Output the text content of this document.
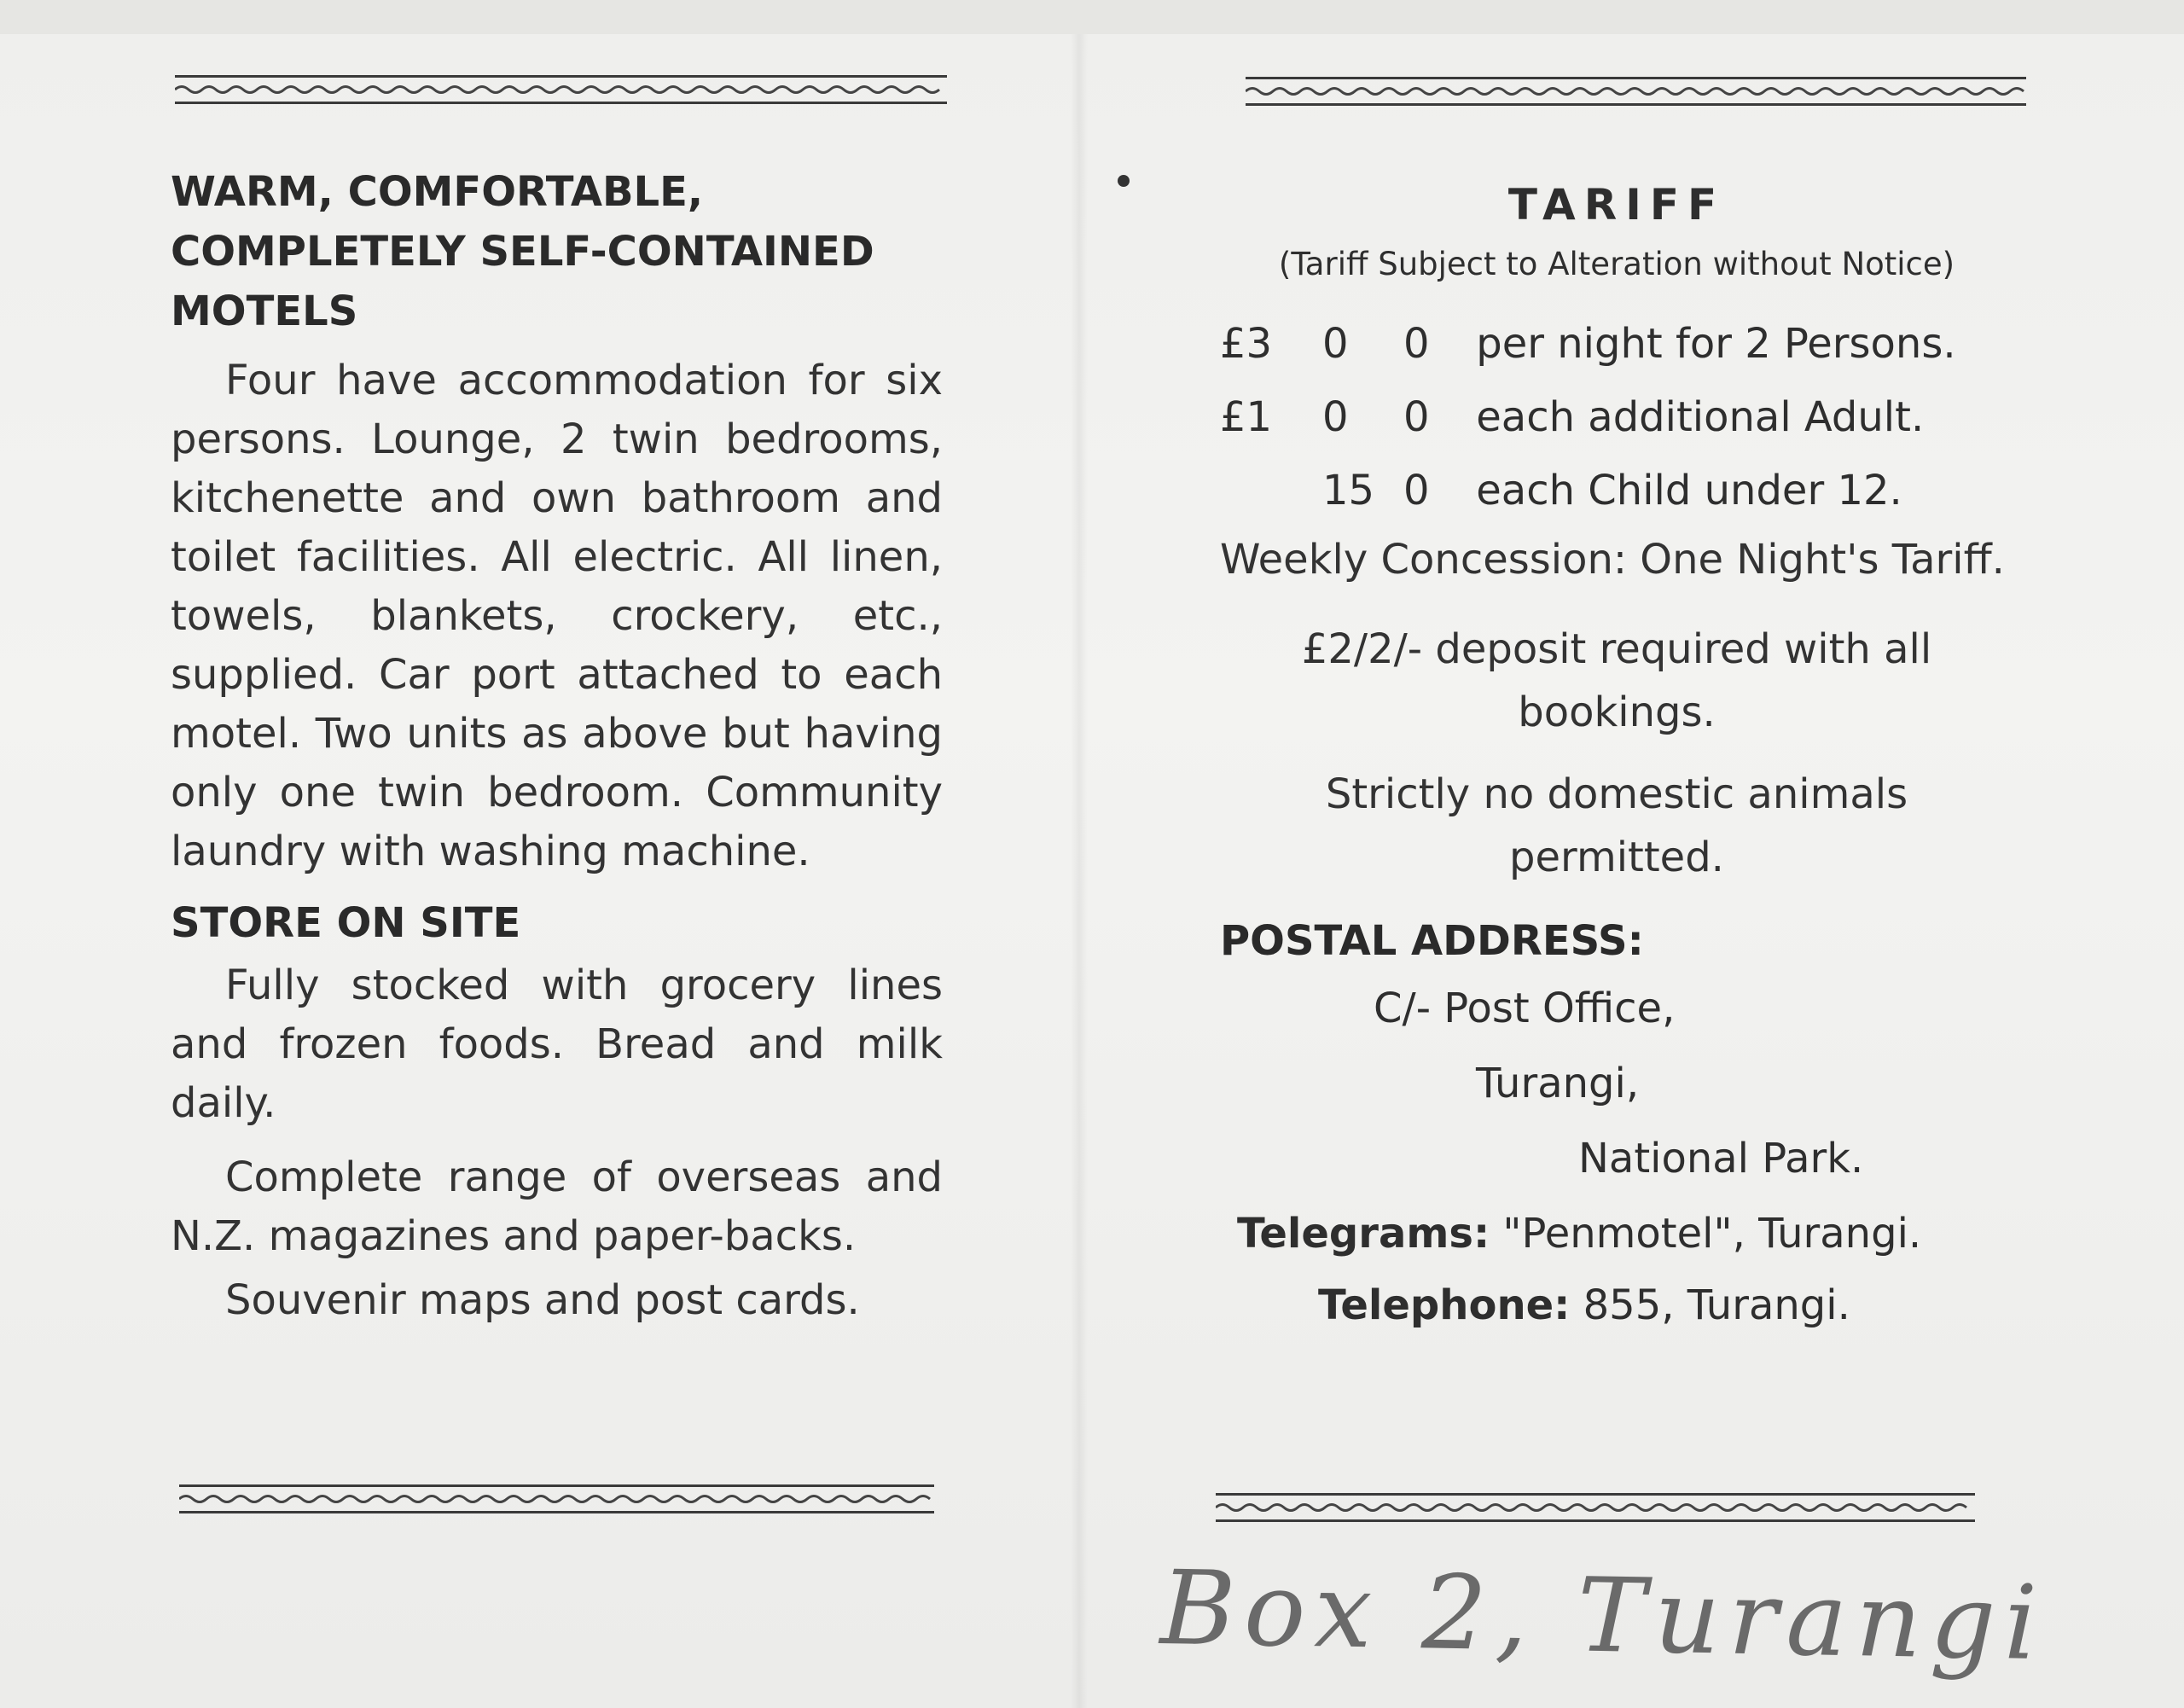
WARM, COMFORTABLE,

COMPLETELY SELF-CONTAINED

MOTELS

Four have accommodation for six persons. Lounge, 2 twin bedrooms, kitchenette and own bathroom and toilet facilities. All electric. All linen, towels, blankets, crockery, etc., supplied. Car port attached to each motel. Two units as above but having only one twin bedroom. Community laundry with washing machine.

STORE ON SITE

Fully stocked with grocery lines and frozen foods. Bread and milk daily.

Complete range of overseas and N.Z. magazines and paper-backs.

Souvenir maps and post cards.

TARIFF

(Tariff Subject to Alteration without Notice)

£3 0 0 per night for 2 Persons.
£1 0 0 each additional Adult.
15 0 each Child under 12.

Weekly Concession: One Night's Tariff.

£2/2/- deposit required with all bookings.

Strictly no domestic animals permitted.

POSTAL ADDRESS:

C/- Post Office,
Turangi,
National Park.
Telegrams: "Penmotel", Turangi.
Telephone: 855, Turangi.
Box 2, Turangi
